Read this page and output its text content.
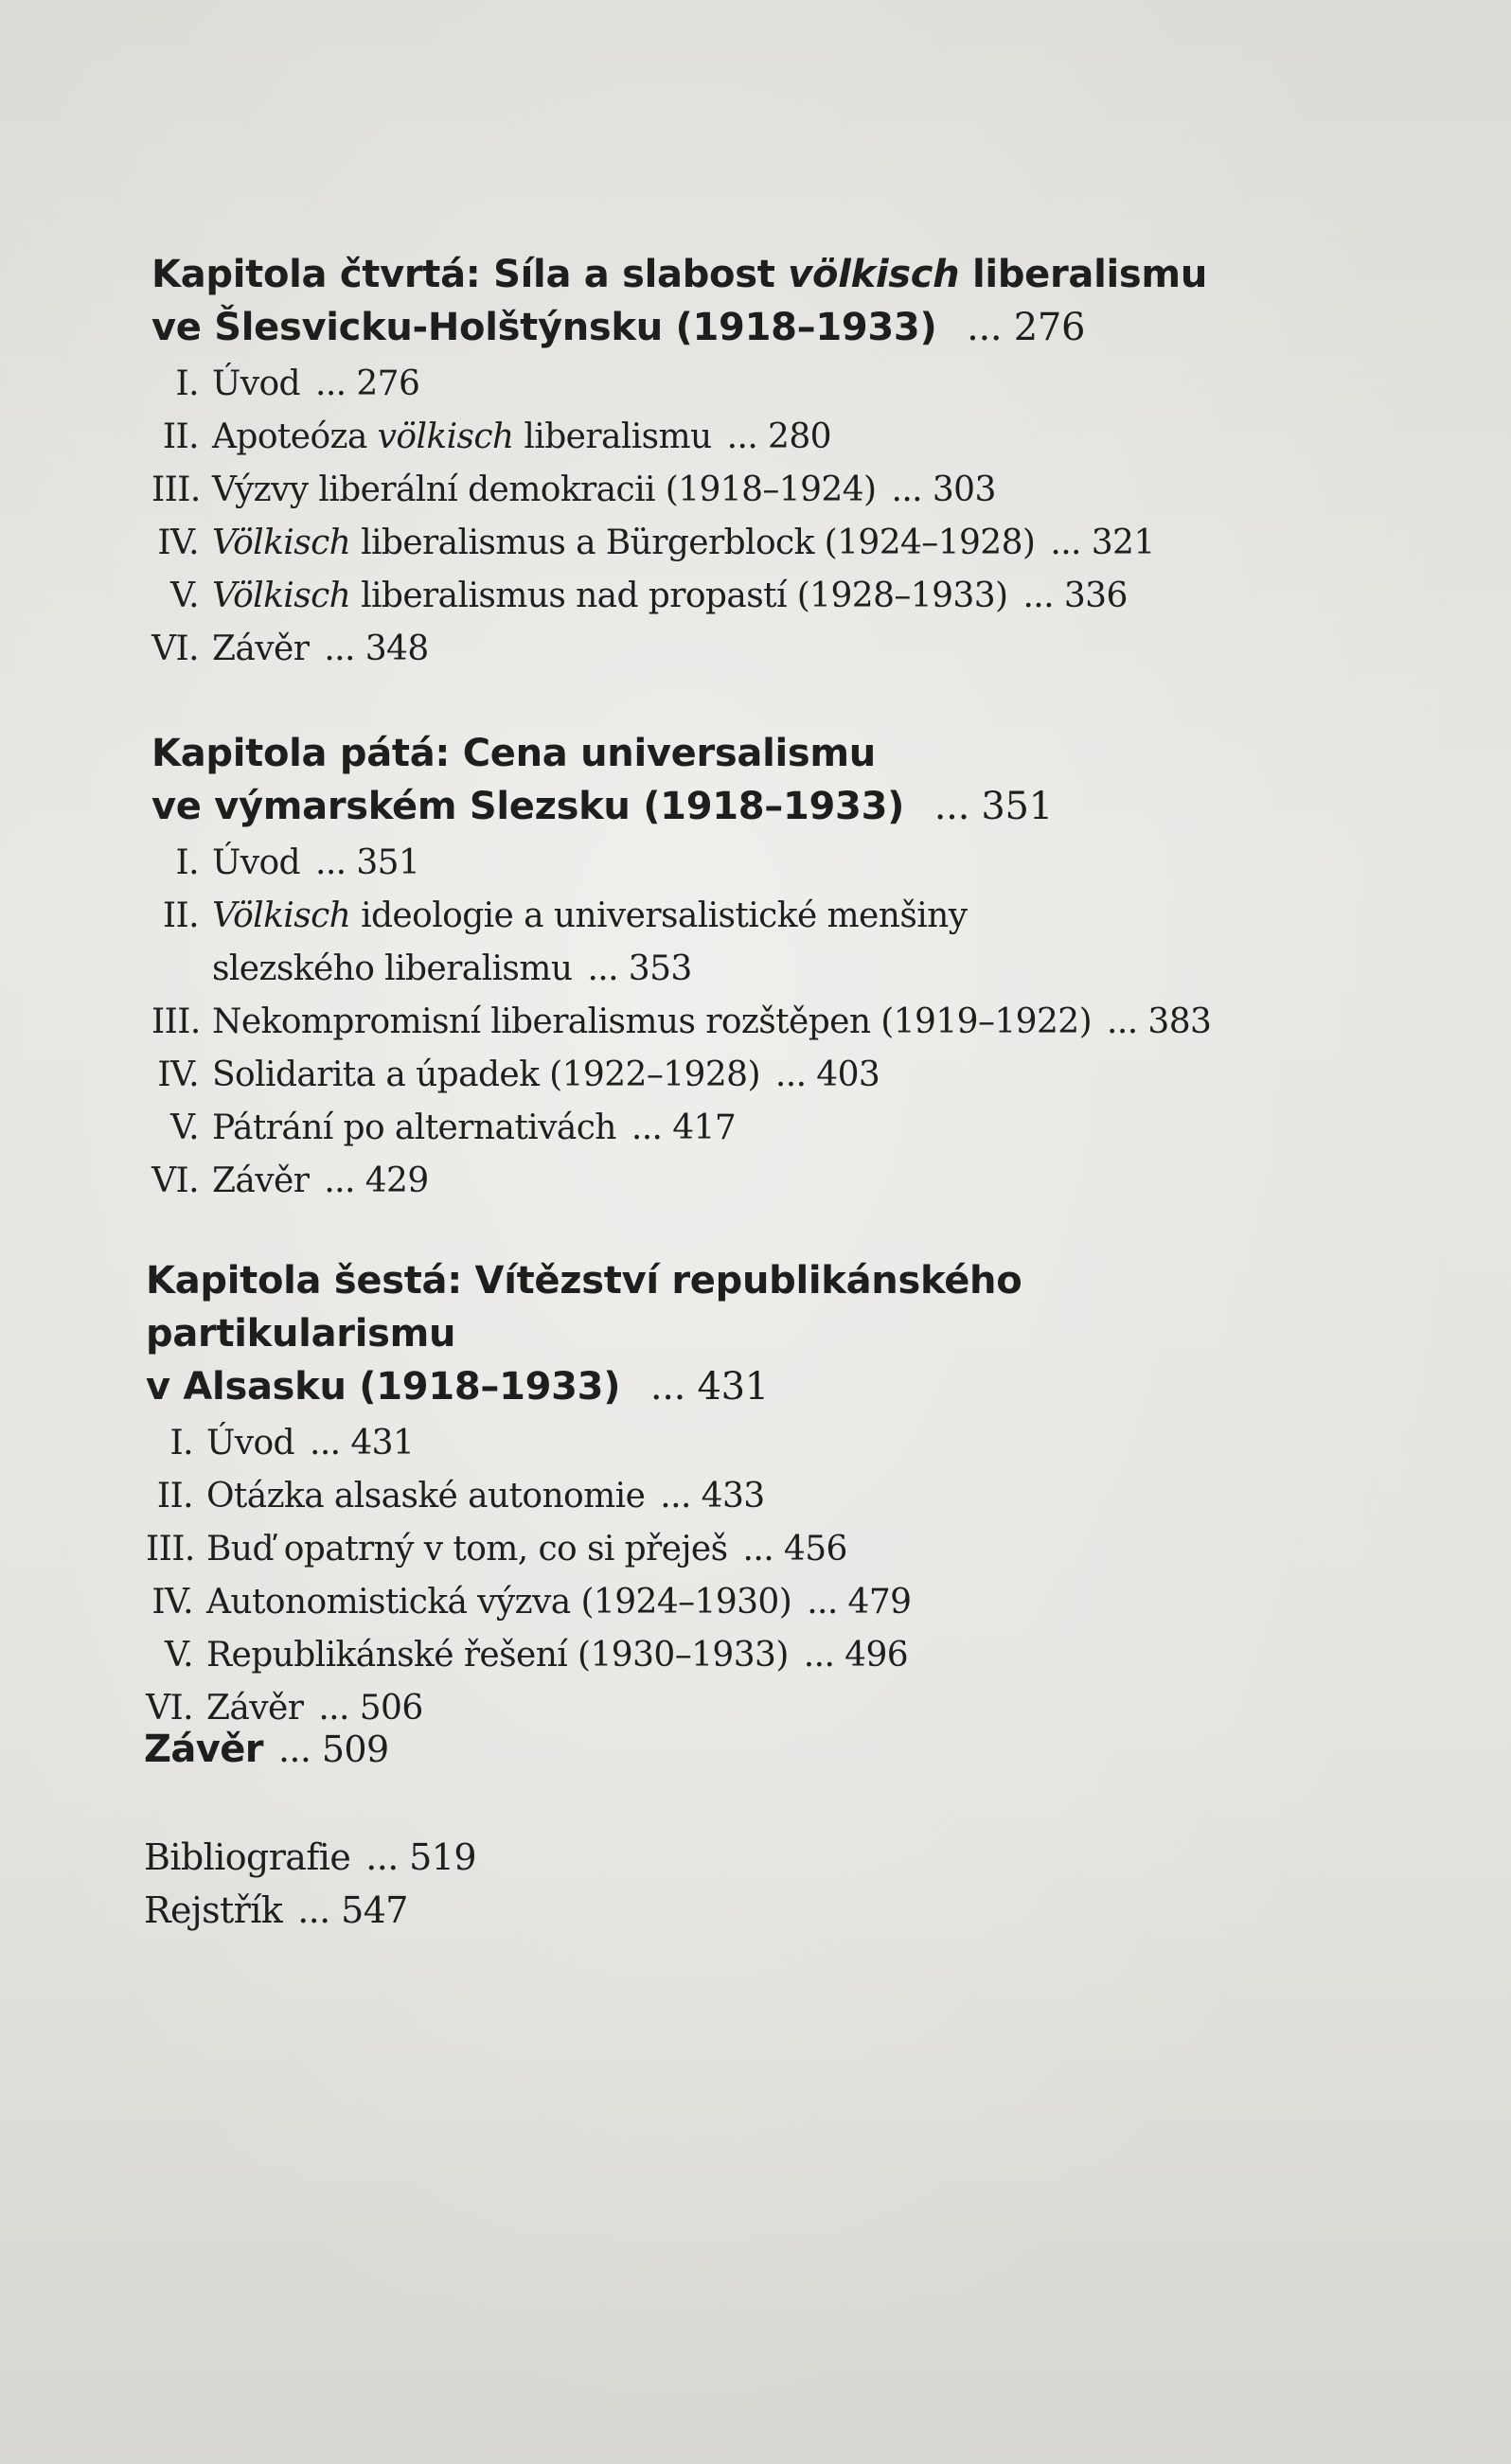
Kapitola čtvrtá: Síla a slabost völkisch liberalismu
ve Šlesvicku-Holštýnsku (1918–1933) ... 276
I. Úvod ... 276
II. Apoteóza völkisch liberalismu ... 280
III. Výzvy liberální demokracii (1918–1924) ... 303
IV. Völkisch liberalismus a Bürgerblock (1924–1928) ... 321
V. Völkisch liberalismus nad propastí (1928–1933) ... 336
VI. Závěr ... 348
Kapitola pátá: Cena universalismu
ve výmarském Slezsku (1918–1933) ... 351
I. Úvod ... 351
II. Völkisch ideologie a universalistické menšiny
slezského liberalismu ... 353
III. Nekompromisní liberalismus rozštěpen (1919–1922) ... 383
IV. Solidarita a úpadek (1922–1928) ... 403
V. Pátrání po alternativách ... 417
VI. Závěr ... 429
Kapitola šestá: Vítězství republikánského partikularismu
v Alsasku (1918–1933) ... 431
I. Úvod ... 431
II. Otázka alsaské autonomie ... 433
III. Buď opatrný v tom, co si přeješ ... 456
IV. Autonomistická výzva (1924–1930) ... 479
V. Republikánské řešení (1930–1933) ... 496
VI. Závěr ... 506
Závěr ... 509
Bibliografie ... 519
Rejstřík ... 547
